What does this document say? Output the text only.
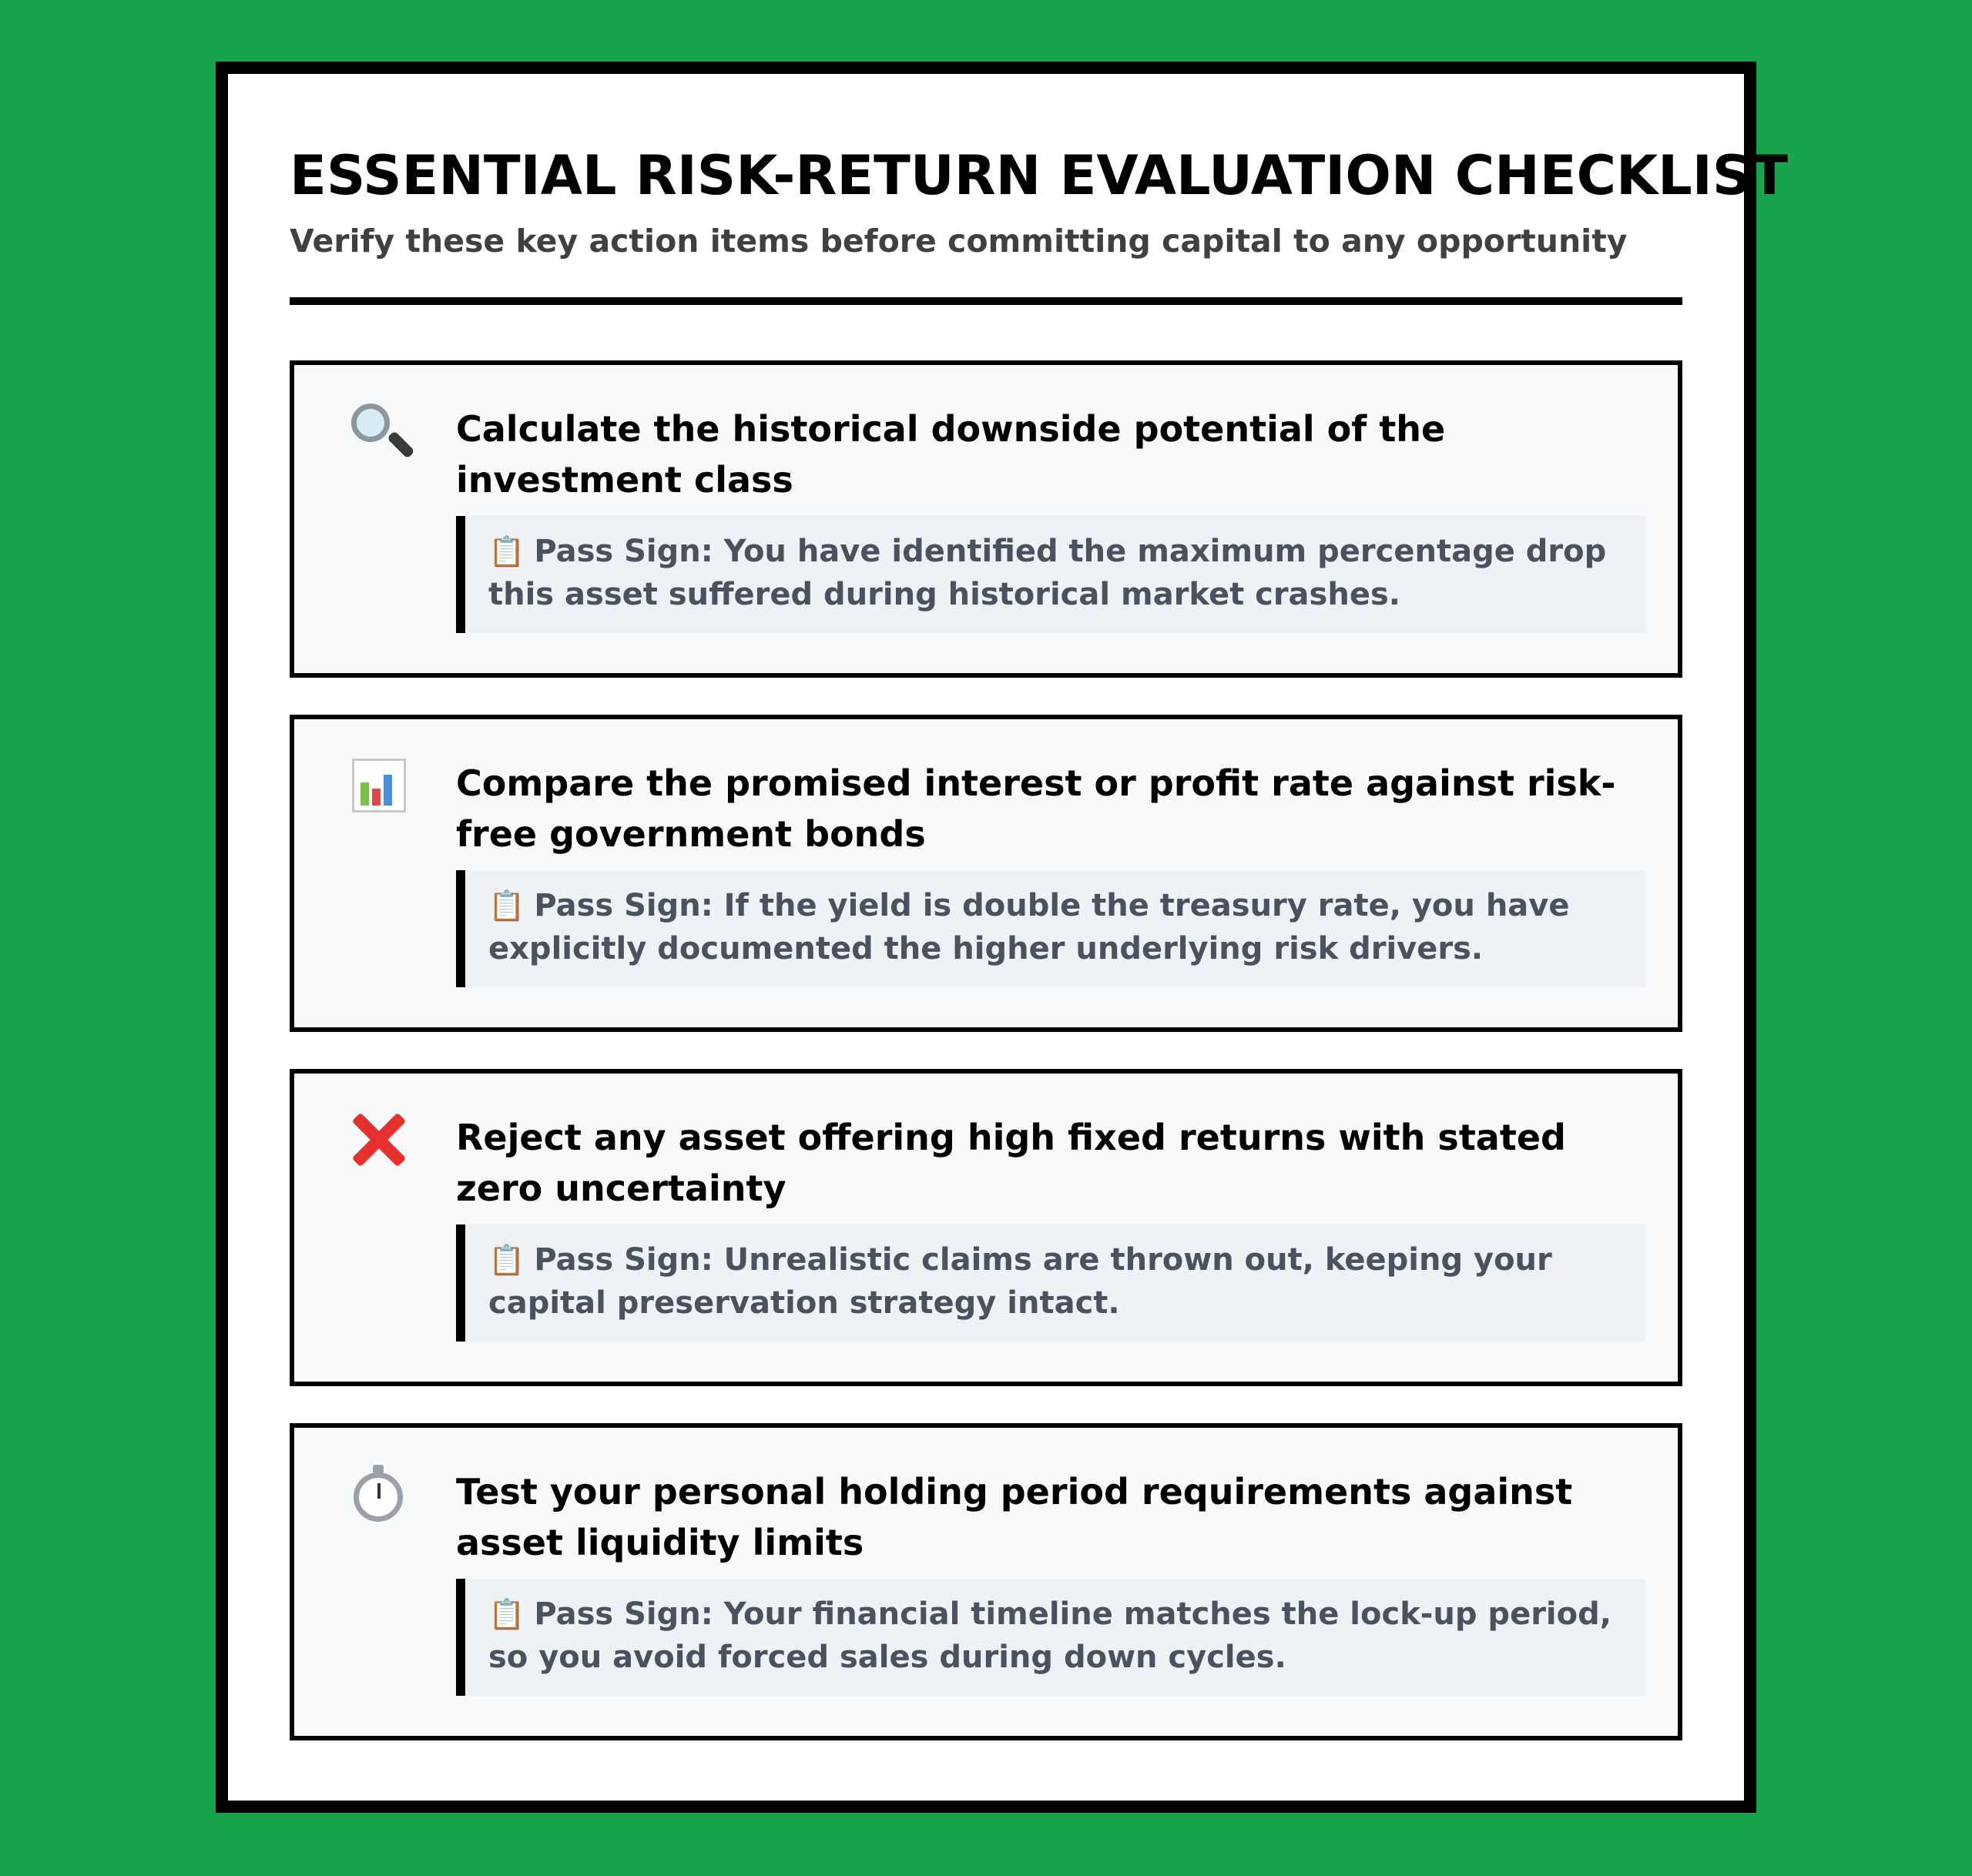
ESSENTIAL RISK-RETURN EVALUATION CHECKLIST
Verify these key action items before committing capital to any opportunity
Calculate the historical downside potential of the investment class
📋 Pass Sign: You have identified the maximum percentage drop this asset suffered during historical market crashes.
Compare the promised interest or profit rate against risk-free government bonds
📋 Pass Sign: If the yield is double the treasury rate, you have explicitly documented the higher underlying risk drivers.
Reject any asset offering high fixed returns with stated zero uncertainty
📋 Pass Sign: Unrealistic claims are thrown out, keeping your capital preservation strategy intact.
Test your personal holding period requirements against asset liquidity limits
📋 Pass Sign: Your financial timeline matches the lock-up period, so you avoid forced sales during down cycles.
